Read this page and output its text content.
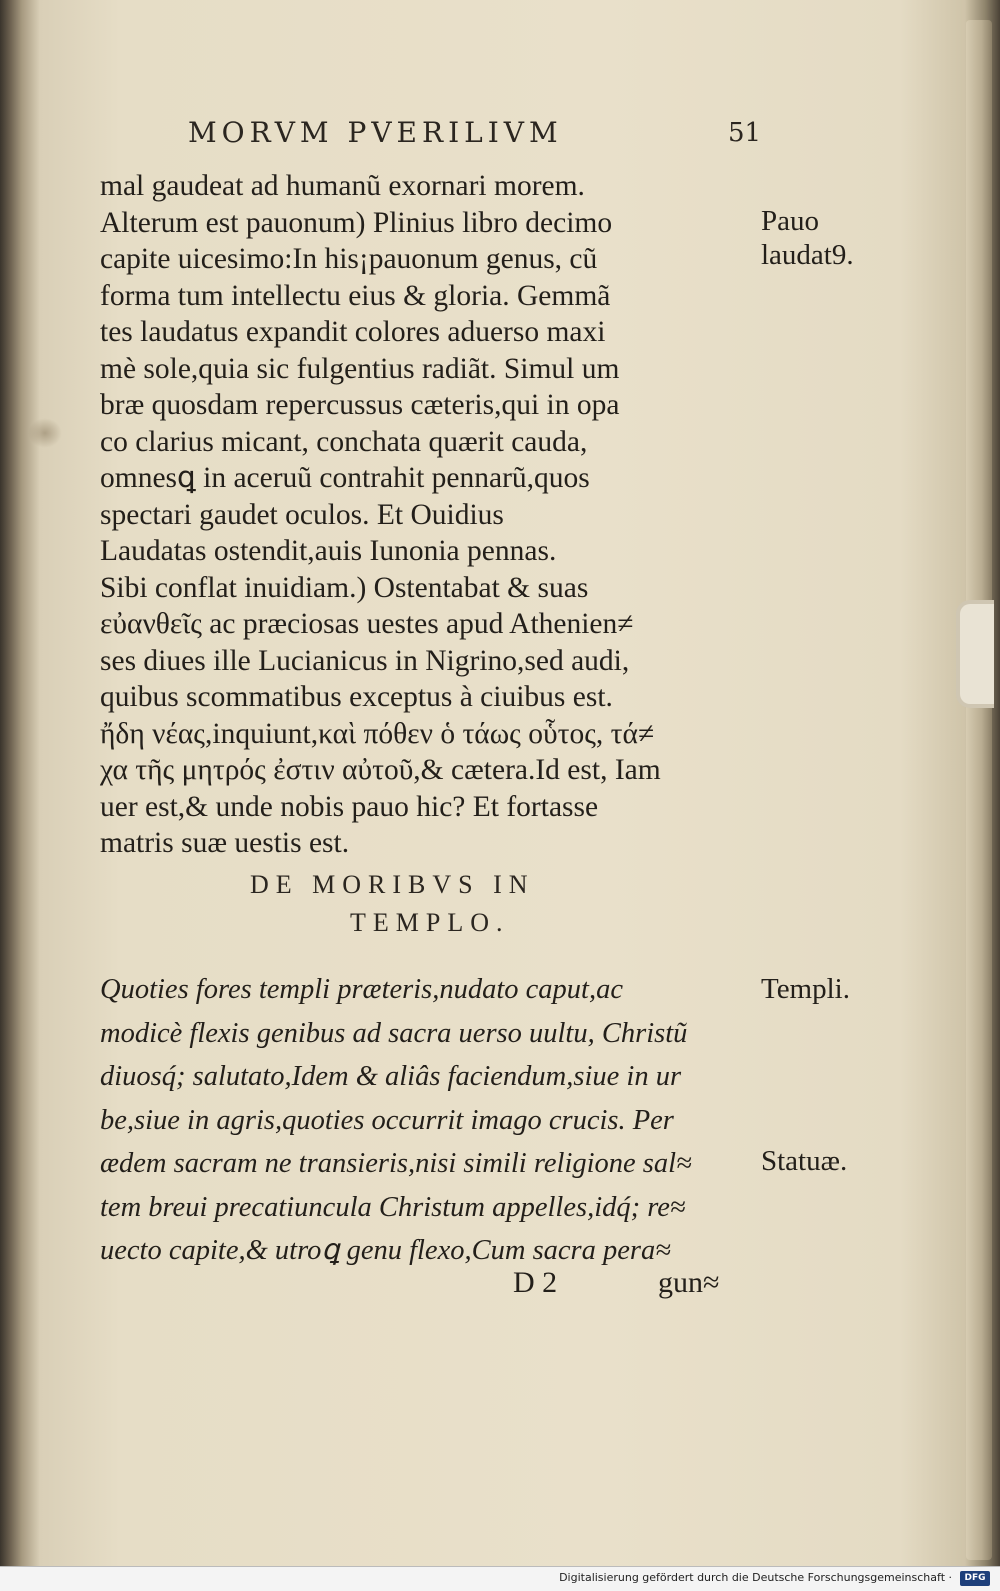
MORVM PVERILIVM	51
mal gaudeat ad humanũ exornari morem.
Alterum est pauonum) Plinius libro decimo
capite uicesimo:In his¡pauonum genus, cũ
forma tum intellectu eius & gloria. Gemmã
tes laudatus expandit colores aduerso maxi
mè sole,quia sic fulgentius radiãt. Simul um
bræ quosdam repercussus cæteris,qui in opa
co clarius micant, conchata quærit cauda,
omnesꝗ in aceruũ contrahit pennarũ,quos
spectari gaudet oculos. Et Ouidius
Laudatas ostendit,auis Iunonia pennas.
Sibi conflat inuidiam.) Ostentabat & suas
εὐανθεῖς ac præciosas uestes apud Athenien≠
ses diues ille Lucianicus in Nigrino,sed audi,
quibus scommatibus exceptus à ciuibus est.
ἤδη νέας,inquiunt,καὶ πόθεν ὁ τάως οὗτος, τά≠
χα τῆς μητρός ἐστιν αὐτοῦ,& cætera.Id est, Iam
uer est,& unde nobis pauo hic? Et fortasse
matris suæ uestis est.
DE MORIBVS IN
TEMPLO.
Quoties fores templi præteris,nudato caput,ac
modicè flexis genibus ad sacra uerso uultu, Christũ
diuosq́; salutato,Idem & aliâs faciendum,siue in ur
be,siue in agris,quoties occurrit imago crucis. Per
ædem sacram ne transieris,nisi simili religione sal≈
tem breui precatiuncula Christum appelles,idq́; re≈
uecto capite,& utroꝗ genu flexo,Cum sacra pera≈
D 2	gun≈
Pauo
laudat9.
Templi.
Statuæ.
Digitalisierung gefördert durch die Deutsche Forschungsgemeinschaft ·	DFG
